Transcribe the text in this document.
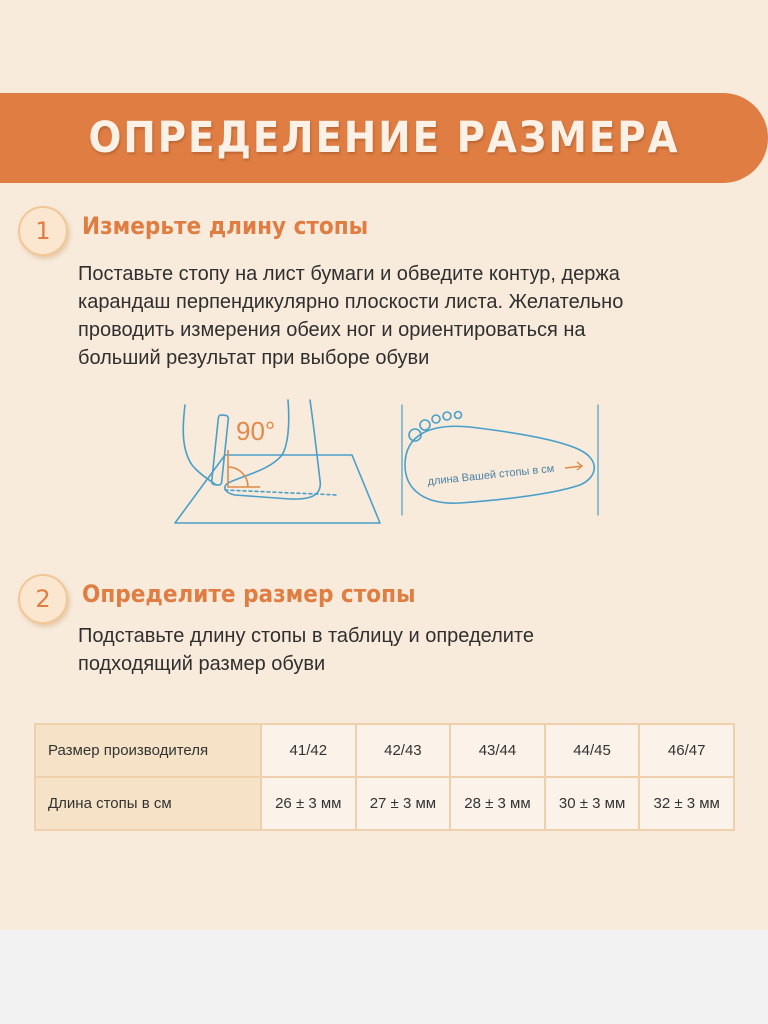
ОПРЕДЕЛЕНИЕ РАЗМЕРА
1	Измерьте длину стопы
Поставьте стопу на лист бумаги и обведите контур, держа
карандаш перпендикулярно плоскости листа. Желательно
проводить измерения обеих ног и ориентироваться на
больший результат при выборе обуви
90°
длина Вашей стопы в см
2	Определите размер стопы
Подставьте длину стопы в таблицу и определите
подходящий размер обуви
Размер производителя	41/42	42/43	43/44	44/45	46/47
Длина стопы в см	26 ± 3 мм	27 ± 3 мм	28 ± 3 мм	30 ± 3 мм	32 ± 3 мм
